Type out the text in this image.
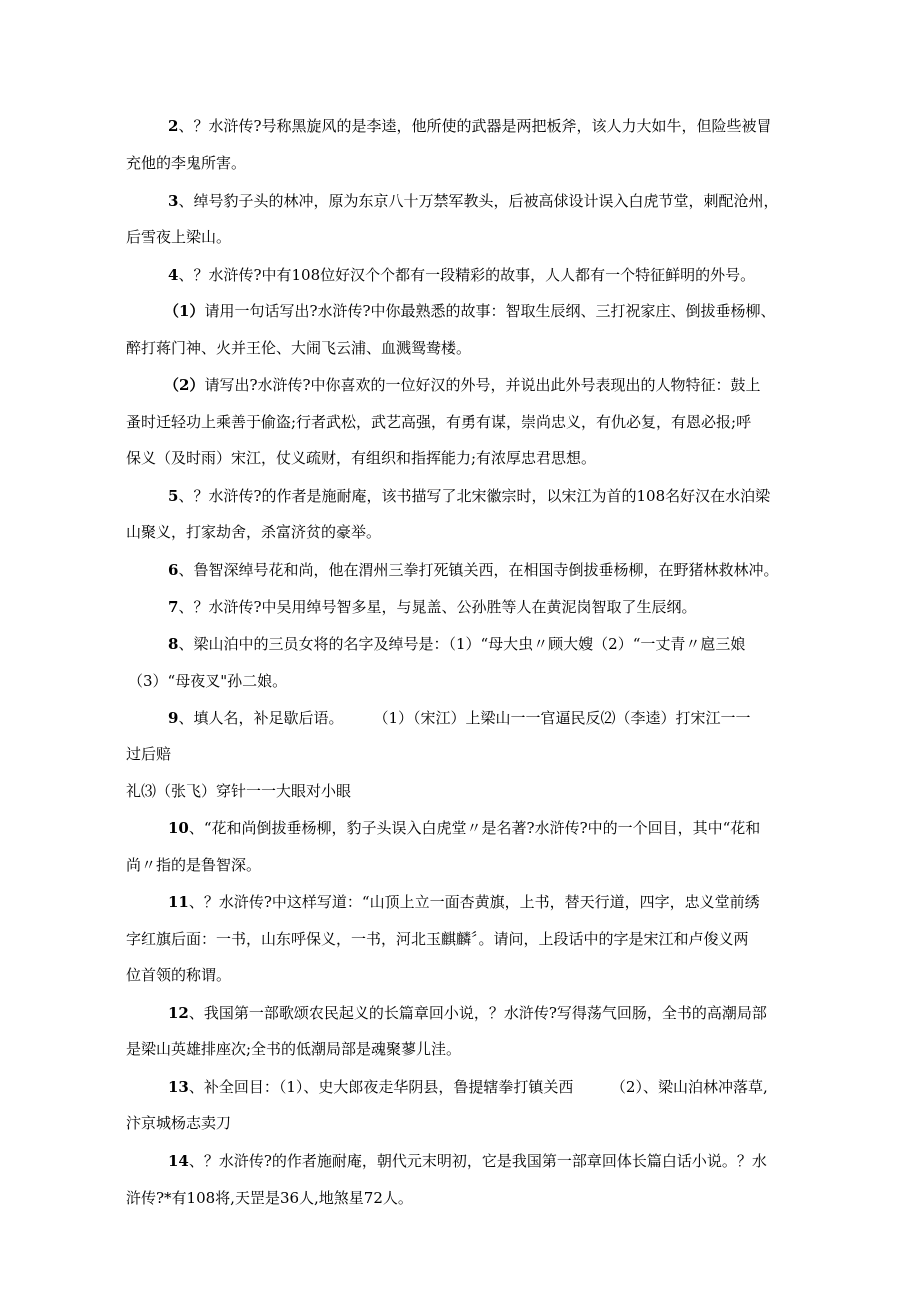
2、？水浒传?号称黑旋风的是李逵，他所使的武器是两把板斧，该人力大如牛，但险些被冒

充他的李鬼所害。

3、绰号豹子头的林冲，原为东京八十万禁军教头，后被高俅设计误入白虎节堂，刺配沧州，

后雪夜上梁山。

4、？水浒传?中有108位好汉个个都有一段精彩的故事，人人都有一个特征鲜明的外号。

（1）请用一句话写出?水浒传?中你最熟悉的故事：智取生辰纲、三打祝家庄、倒拔垂杨柳、

醉打蒋门神、火并王伦、大闹飞云浦、血溅鸳鸯楼。

（2）请写出?水浒传?中你喜欢的一位好汉的外号，并说出此外号表现出的人物特征：鼓上

蚤时迁轻功上乘善于偷盗;行者武松，武艺高强，有勇有谋，崇尚忠义，有仇必复，有恩必报;呼

保义（及时雨）宋江，仗义疏财，有组织和指挥能力;有浓厚忠君思想。

5、？水浒传?的作者是施耐庵，该书描写了北宋徽宗时，以宋江为首的108名好汉在水泊梁

山聚义，打家劫舍，杀富济贫的豪举。

6、鲁智深绰号花和尚，他在渭州三拳打死镇关西，在相国寺倒拔垂杨柳，在野猪林救林冲。

7、？水浒传?中吴用绰号智多星，与晁盖、公孙胜等人在黄泥岗智取了生辰纲。

8、梁山泊中的三员女将的名字及绰号是：（1）“母大虫〃顾大嫂（2）“一丈青〃扈三娘

（3）“母夜叉"孙二娘。

9、填人名，补足歇后语。　　　（1）（宋江）上梁山一一官逼民反⑵（李逵）打宋江一一

过后赔

礼⑶（张飞）穿针一一大眼对小眼

10、“花和尚倒拔垂杨柳，豹子头误入白虎堂〃是名著?水浒传?中的一个回目，其中“花和

尚〃指的是鲁智深。

11、？水浒传?中这样写道：“山顶上立一面杏黄旗，上书，替天行道，四字，忠义堂前绣

字红旗后面：一书，山东呼保义，一书，河北玉麒麟〞。请问，上段话中的字是宋江和卢俊义两

位首领的称谓。

12、我国第一部歌颂农民起义的长篇章回小说，？水浒传?写得荡气回肠，全书的高潮局部

是梁山英雄排座次;全书的低潮局部是魂聚蓼儿洼。

13、补全回目：（1）、史大郎夜走华阴县，鲁提辖拳打镇关西　　　（2）、梁山泊林冲落草,

汴京城杨志卖刀

14、？水浒传?的作者施耐庵，朝代元末明初，它是我国第一部章回体长篇白话小说。？水

浒传?*有108将,天罡是36人,地煞星72人。
